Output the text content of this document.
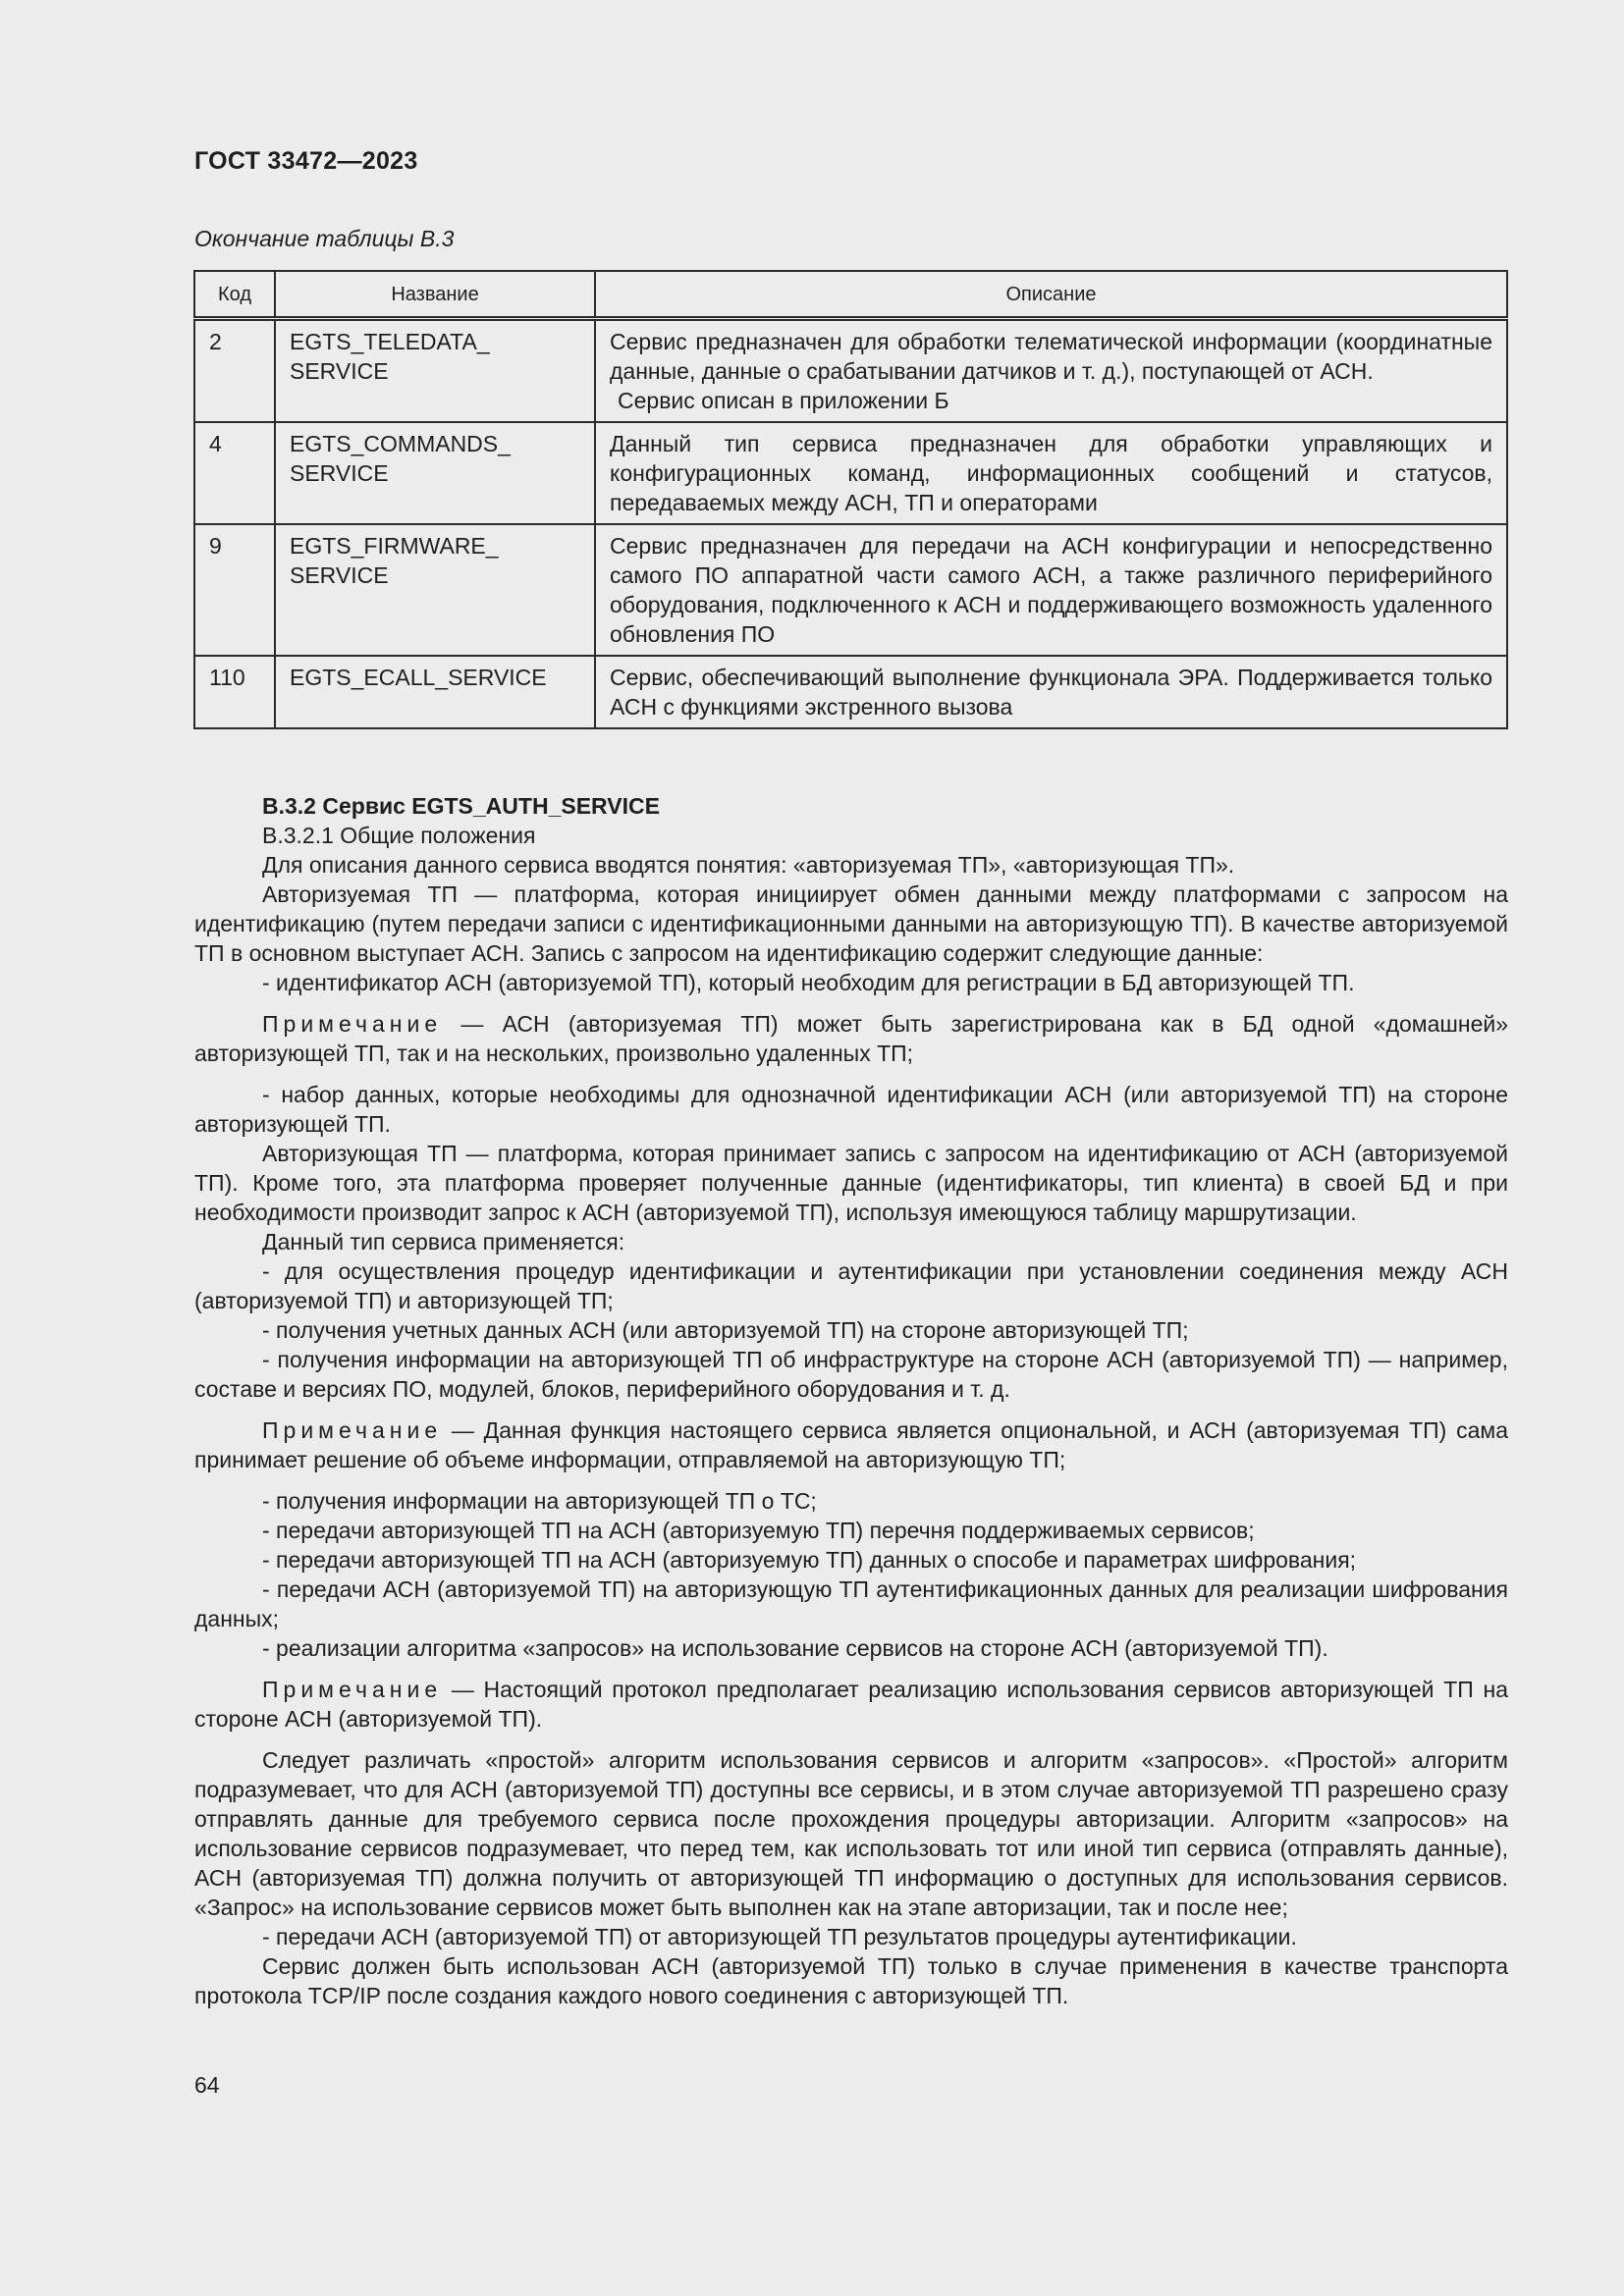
ГОСТ 33472—2023
Окончание таблицы В.3
Код	Название	Описание
2	EGTS_TELEDATA_ SERVICE	Сервис предназначен для обработки телематической информации (координатные данные, данные о срабатывании датчиков и т. д.), поступающей от АСН.
Сервис описан в приложении Б

4	EGTS_COMMANDS_ SERVICE	Данный тип сервиса предназначен для обработки управляющих и конфигурационных команд, информационных сообщений и статусов, передаваемых между АСН, ТП и операторами
9	EGTS_FIRMWARE_ SERVICE	Сервис предназначен для передачи на АСН конфигурации и непосредственно самого ПО аппаратной части самого АСН, а также различного периферийного оборудования, подключенного к АСН и поддерживающего возможность удаленного обновления ПО
110	EGTS_ECALL_SERVICE	Сервис, обеспечивающий выполнение функционала ЭРА. Поддерживается только АСН с функциями экстренного вызова

В.3.2 Сервис EGTS_AUTH_SERVICE

В.3.2.1 Общие положения

Для описания данного сервиса вводятся понятия: «авторизуемая ТП», «авторизующая ТП».

Авторизуемая ТП — платформа, которая инициирует обмен данными между платформами с запросом на идентификацию (путем передачи записи с идентификационными данными на авторизующую ТП). В качестве авторизуемой ТП в основном выступает АСН. Запись с запросом на идентификацию содержит следующие данные:

- идентификатор АСН (авторизуемой ТП), который необходим для регистрации в БД авторизующей ТП.

Примечание — АСН (авторизуемая ТП) может быть зарегистрирована как в БД одной «домашней» авторизующей ТП, так и на нескольких, произвольно удаленных ТП;

- набор данных, которые необходимы для однозначной идентификации АСН (или авторизуемой ТП) на стороне авторизующей ТП.

Авторизующая ТП — платформа, которая принимает запись с запросом на идентификацию от АСН (авторизуемой ТП). Кроме того, эта платформа проверяет полученные данные (идентификаторы, тип клиента) в своей БД и при необходимости производит запрос к АСН (авторизуемой ТП), используя имеющуюся таблицу маршрутизации.

Данный тип сервиса применяется:

- для осуществления процедур идентификации и аутентификации при установлении соединения между АСН (авторизуемой ТП) и авторизующей ТП;

- получения учетных данных АСН (или авторизуемой ТП) на стороне авторизующей ТП;

- получения информации на авторизующей ТП об инфраструктуре на стороне АСН (авторизуемой ТП) — например, составе и версиях ПО, модулей, блоков, периферийного оборудования и т. д.

Примечание — Данная функция настоящего сервиса является опциональной, и АСН (авторизуемая ТП) сама принимает решение об объеме информации, отправляемой на авторизующую ТП;

- получения информации на авторизующей ТП о ТС;

- передачи авторизующей ТП на АСН (авторизуемую ТП) перечня поддерживаемых сервисов;

- передачи авторизующей ТП на АСН (авторизуемую ТП) данных о способе и параметрах шифрования;

- передачи АСН (авторизуемой ТП) на авторизующую ТП аутентификационных данных для реализации шифрования данных;

- реализации алгоритма «запросов» на использование сервисов на стороне АСН (авторизуемой ТП).

Примечание — Настоящий протокол предполагает реализацию использования сервисов авторизующей ТП на стороне АСН (авторизуемой ТП).

Следует различать «простой» алгоритм использования сервисов и алгоритм «запросов». «Простой» алгоритм подразумевает, что для АСН (авторизуемой ТП) доступны все сервисы, и в этом случае авторизуемой ТП разрешено сразу отправлять данные для требуемого сервиса после прохождения процедуры авторизации. Алгоритм «запросов» на использование сервисов подразумевает, что перед тем, как использовать тот или иной тип сервиса (отправлять данные), АСН (авторизуемая ТП) должна получить от авторизующей ТП информацию о доступных для использования сервисов. «Запрос» на использование сервисов может быть выполнен как на этапе авторизации, так и после нее;

- передачи АСН (авторизуемой ТП) от авторизующей ТП результатов процедуры аутентификации.

Сервис должен быть использован АСН (авторизуемой ТП) только в случае применения в качестве транспорта протокола TCP/IP после создания каждого нового соединения с авторизующей ТП.

64
